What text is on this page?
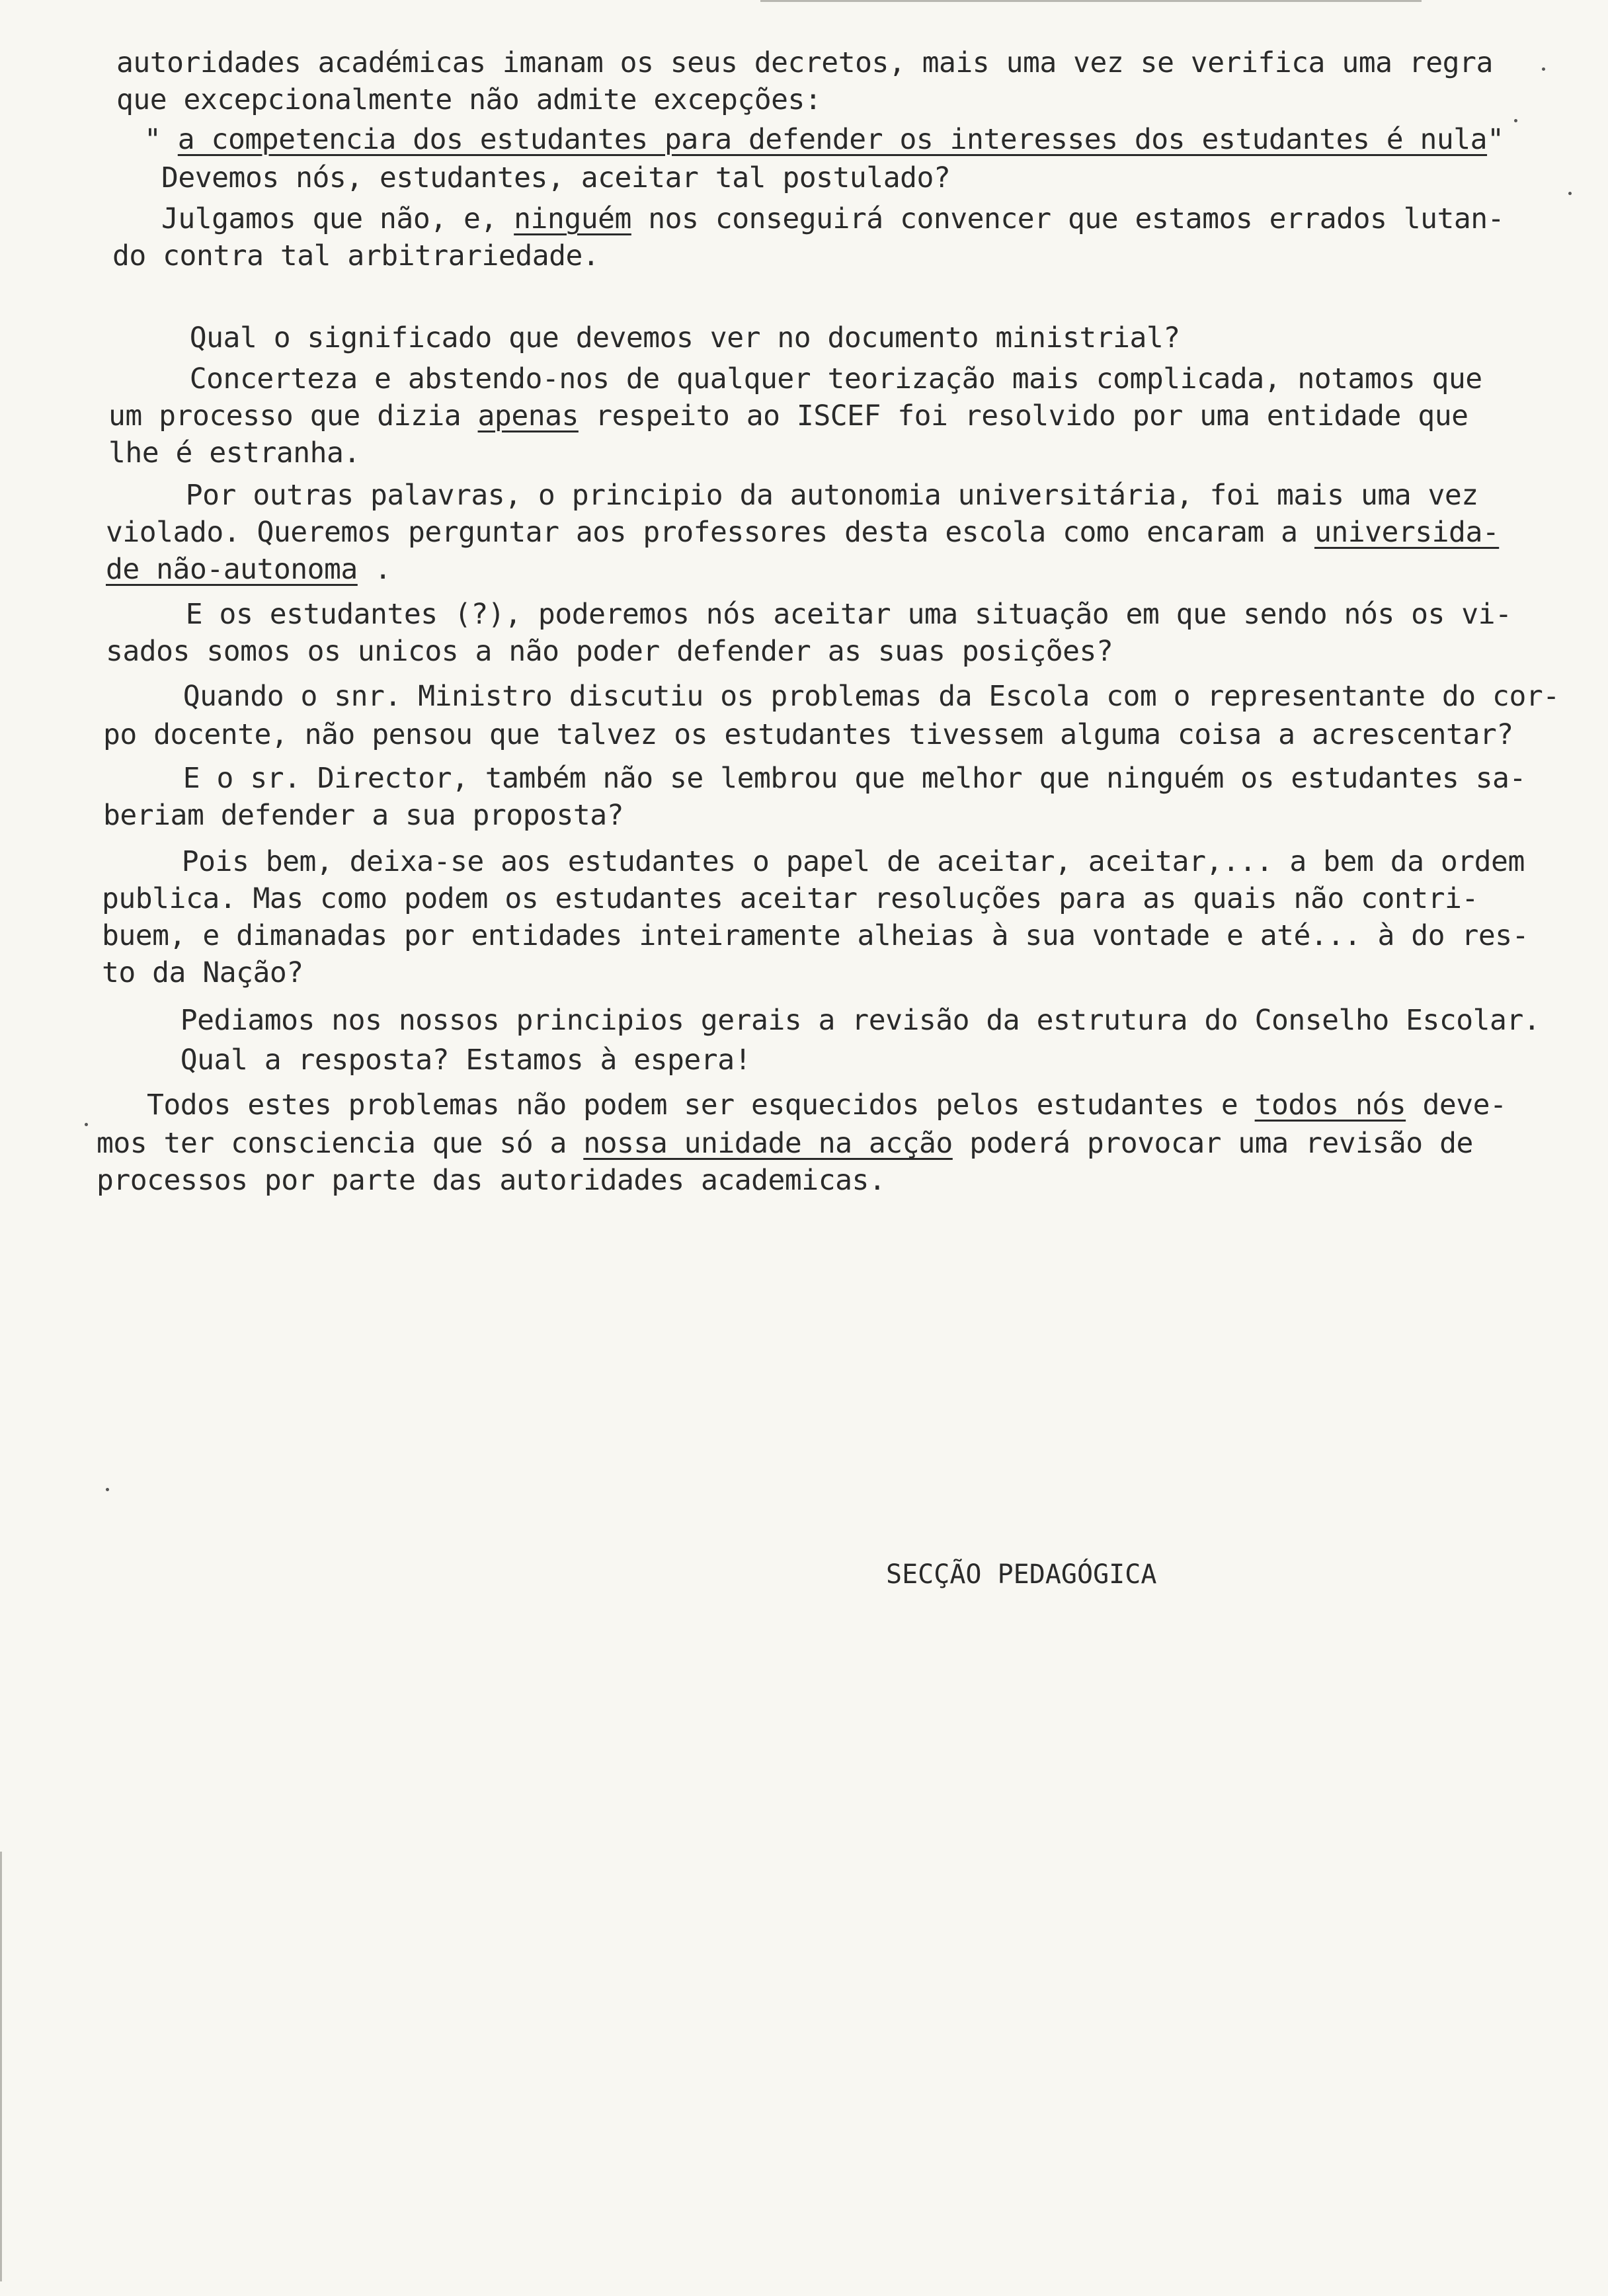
autoridades académicas imanam os seus decretos, mais uma vez se verifica uma regra
que excepcionalmente não admite excepções:
" a competencia dos estudantes para defender os interesses dos estudantes é nula"
Devemos nós, estudantes, aceitar tal postulado?
Julgamos que não, e, ninguém nos conseguirá convencer que estamos errados lutan-
do contra tal arbitrariedade.
Qual o significado que devemos ver no documento ministrial?
Concerteza e abstendo-nos de qualquer teorização mais complicada, notamos que
um processo que dizia apenas respeito ao ISCEF foi resolvido por uma entidade que
lhe é estranha.
Por outras palavras, o principio da autonomia universitária, foi mais uma vez
violado. Queremos perguntar aos professores desta escola como encaram a universida-
de não-autonoma .
E os estudantes (?), poderemos nós aceitar uma situação em que sendo nós os vi-
sados somos os unicos a não poder defender as suas posições?
Quando o snr. Ministro discutiu os problemas da Escola com o representante do cor-
po docente, não pensou que talvez os estudantes tivessem alguma coisa a acrescentar?
E o sr. Director, também não se lembrou que melhor que ninguém os estudantes sa-
beriam defender a sua proposta?
Pois bem, deixa-se aos estudantes o papel de aceitar, aceitar,... a bem da ordem
publica. Mas como podem os estudantes aceitar resoluções para as quais não contri-
buem, e dimanadas por entidades inteiramente alheias à sua vontade e até... à do res-
to da Nação?
Pediamos nos nossos principios gerais a revisão da estrutura do Conselho Escolar.
Qual a resposta? Estamos à espera!
Todos estes problemas não podem ser esquecidos pelos estudantes e todos nós deve-
mos ter consciencia que só a nossa unidade na acção poderá provocar uma revisão de
processos por parte das autoridades academicas.
SECÇÃO PEDAGÓGICA
